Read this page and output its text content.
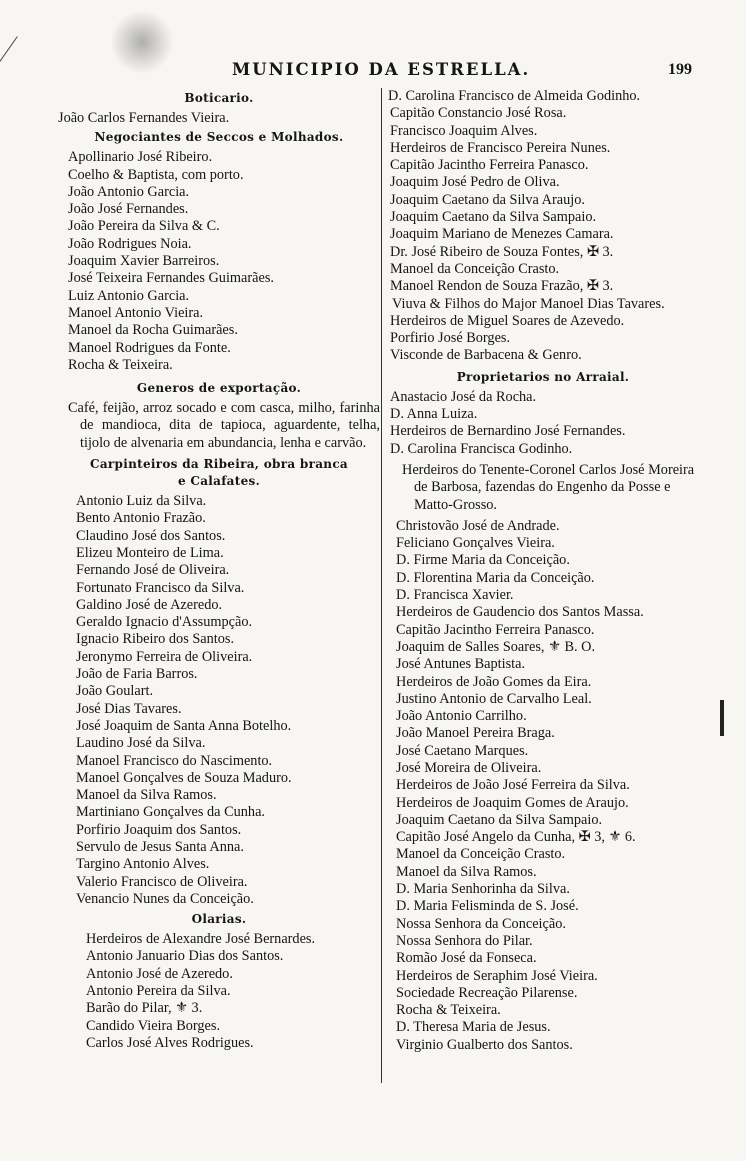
MUNICIPIO DA ESTRELLA.	199
Boticario.
João Carlos Fernandes Vieira.
Negociantes de Seccos e Molhados.
Apollinario José Ribeiro.
Coelho & Baptista, com porto.
João Antonio Garcia.
João José Fernandes.
João Pereira da Silva & C.
João Rodrigues Noia.
Joaquim Xavier Barreiros.
José Teixeira Fernandes Guimarães.
Luiz Antonio Garcia.
Manoel Antonio Vieira.
Manoel da Rocha Guimarães.
Manoel Rodrigues da Fonte.
Rocha & Teixeira.
Generos de exportação.
Café, feijão, arroz socado e com casca, milho, farinha de mandioca, dita de tapioca, aguardente, telha, tijolo de alvenaria em abundancia, lenha e carvão.
Carpinteiros da Ribeira, obra branca
e Calafates.
Antonio Luiz da Silva.
Bento Antonio Frazão.
Claudino José dos Santos.
Elizeu Monteiro de Lima.
Fernando José de Oliveira.
Fortunato Francisco da Silva.
Galdino José de Azeredo.
Geraldo Ignacio d'Assumpção.
Ignacio Ribeiro dos Santos.
Jeronymo Ferreira de Oliveira.
João de Faria Barros.
João Goulart.
José Dias Tavares.
José Joaquim de Santa Anna Botelho.
Laudino José da Silva.
Manoel Francisco do Nascimento.
Manoel Gonçalves de Souza Maduro.
Manoel da Silva Ramos.
Martiniano Gonçalves da Cunha.
Porfirio Joaquim dos Santos.
Servulo de Jesus Santa Anna.
Targino Antonio Alves.
Valerio Francisco de Oliveira.
Venancio Nunes da Conceição.
Olarias.
Herdeiros de Alexandre José Bernardes.
Antonio Januario Dias dos Santos.
Antonio José de Azeredo.
Antonio Pereira da Silva.
Barão do Pilar, ⚜ 3.
Candido Vieira Borges.
Carlos José Alves Rodrigues.
D. Carolina Francisco de Almeida Godinho.
Capitão Constancio José Rosa.
Francisco Joaquim Alves.
Herdeiros de Francisco Pereira Nunes.
Capitão Jacintho Ferreira Panasco.
Joaquim José Pedro de Oliva.
Joaquim Caetano da Silva Araujo.
Joaquim Caetano da Silva Sampaio.
Joaquim Mariano de Menezes Camara.
Dr. José Ribeiro de Souza Fontes, ✠ 3.
Manoel da Conceição Crasto.
Manoel Rendon de Souza Frazão, ✠ 3.
Viuva & Filhos do Major Manoel Dias Tavares.
Herdeiros de Miguel Soares de Azevedo.
Porfirio José Borges.
Visconde de Barbacena & Genro.
Proprietarios no Arraial.
Anastacio José da Rocha.
D. Anna Luiza.
Herdeiros de Bernardino José Fernandes.
D. Carolina Francisca Godinho.
Herdeiros do Tenente-Coronel Carlos José Moreira de Barbosa, fazendas do Engenho da Posse e Matto-Grosso.
Christovão José de Andrade.
Feliciano Gonçalves Vieira.
D. Firme Maria da Conceição.
D. Florentina Maria da Conceição.
D. Francisca Xavier.
Herdeiros de Gaudencio dos Santos Massa.
Capitão Jacintho Ferreira Panasco.
Joaquim de Salles Soares, ⚜ B. O.
José Antunes Baptista.
Herdeiros de João Gomes da Eira.
Justino Antonio de Carvalho Leal.
João Antonio Carrilho.
João Manoel Pereira Braga.
José Caetano Marques.
José Moreira de Oliveira.
Herdeiros de João José Ferreira da Silva.
Herdeiros de Joaquim Gomes de Araujo.
Joaquim Caetano da Silva Sampaio.
Capitão José Angelo da Cunha, ✠ 3, ⚜ 6.
Manoel da Conceição Crasto.
Manoel da Silva Ramos.
D. Maria Senhorinha da Silva.
D. Maria Felisminda de S. José.
Nossa Senhora da Conceição.
Nossa Senhora do Pilar.
Romão José da Fonseca.
Herdeiros de Seraphim José Vieira.
Sociedade Recreação Pilarense.
Rocha & Teixeira.
D. Theresa Maria de Jesus.
Virginio Gualberto dos Santos.
